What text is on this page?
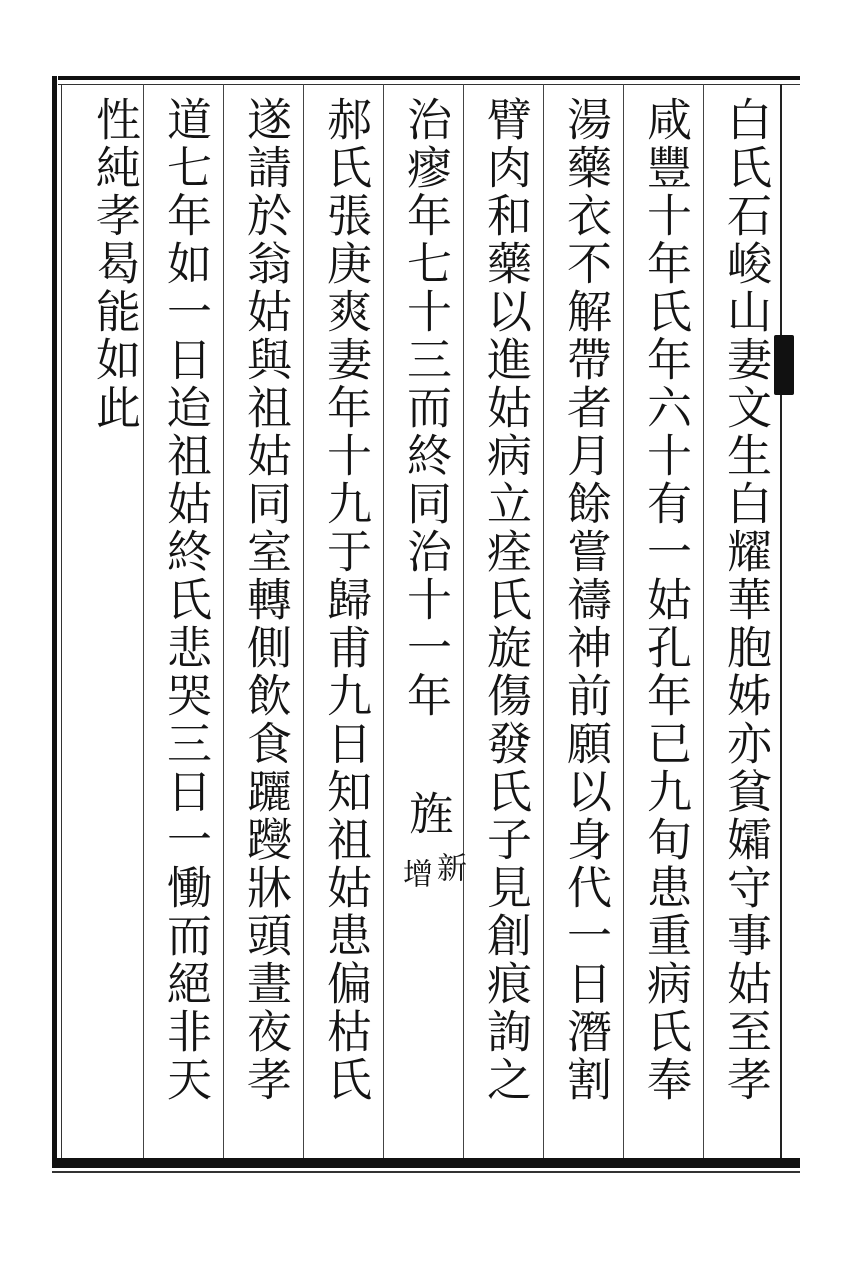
白氏石峻山妻文生白耀華胞姊亦貧孀守事姑至孝
咸豐十年氏年六十有一姑孔年已九旬患重病氏奉
湯藥衣不解帶者月餘嘗禱神前願以身代一日潛割
臂肉和藥以進姑病立痊氏旋傷發氏子見創痕詢之
治瘳年七十三而終同治十一年
郝氏張庚爽妻年十九于歸甫九日知祖姑患偏枯氏
遂請於翁姑與祖姑同室轉側飲食躧躞牀頭晝夜孝
道七年如一日迨祖姑終氏悲哭三日一慟而絕非天
性純孝曷能如此
旌
新
增
